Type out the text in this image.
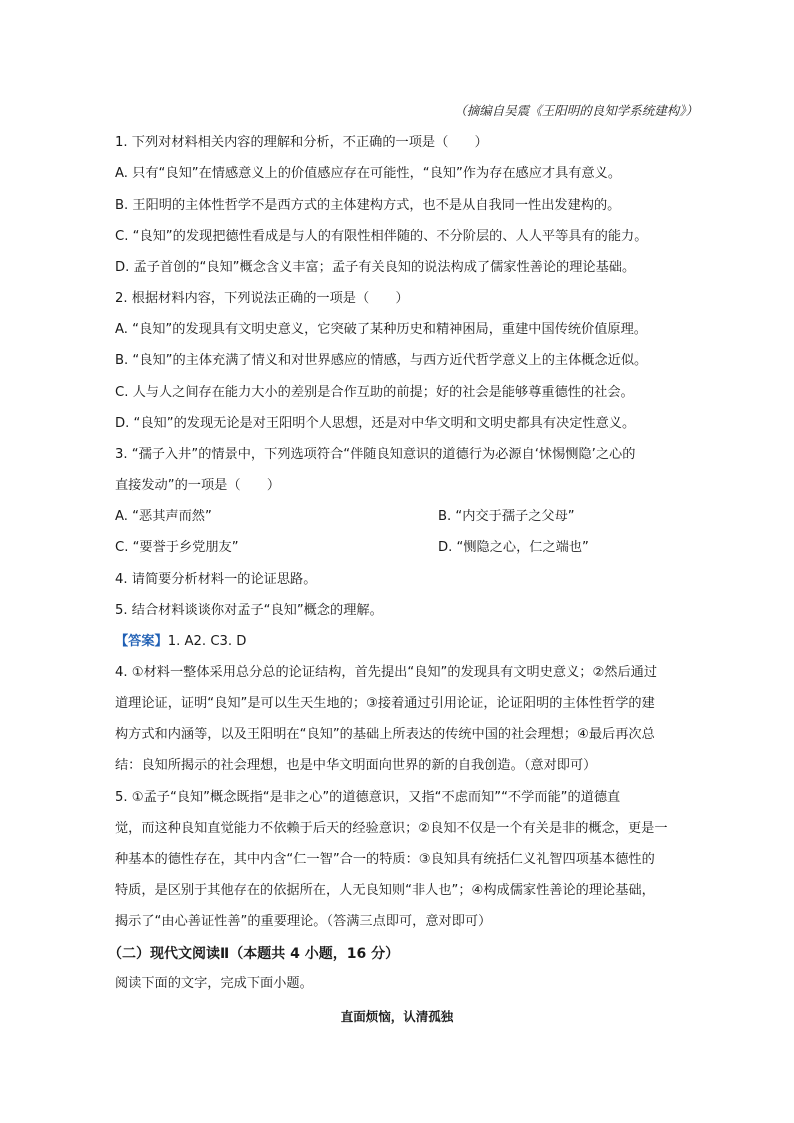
（摘编自吴震《王阳明的良知学系统建构》）
1. 下列对材料相关内容的理解和分析，不正确的一项是（　　）
A. 只有“良知”在情感意义上的价值感应存在可能性，“良知”作为存在感应才具有意义。
B. 王阳明的主体性哲学不是西方式的主体建构方式，也不是从自我同一性出发建构的。
C. “良知”的发现把德性看成是与人的有限性相伴随的、不分阶层的、人人平等具有的能力。
D. 孟子首创的“良知”概念含义丰富；孟子有关良知的说法构成了儒家性善论的理论基础。
2. 根据材料内容，下列说法正确的一项是（　　）
A. “良知”的发现具有文明史意义，它突破了某种历史和精神困局，重建中国传统价值原理。
B. “良知”的主体充满了情义和对世界感应的情感，与西方近代哲学意义上的主体概念近似。
C. 人与人之间存在能力大小的差别是合作互助的前提；好的社会是能够尊重德性的社会。
D. “良知”的发现无论是对王阳明个人思想，还是对中华文明和文明史都具有决定性意义。
3. “孺子入井”的情景中，下列选项符合“伴随良知意识的道德行为必源自‘怵惕恻隐’之心的
直接发动”的一项是（　　）
A. “恶其声而然”	B. “内交于孺子之父母”
C. “要誉于乡党朋友”	D. “恻隐之心，仁之端也”
4. 请简要分析材料一的论证思路。
5. 结合材料谈谈你对孟子“良知”概念的理解。
【答案】1. A2. C3. D
4. ①材料一整体采用总分总的论证结构，首先提出“良知”的发现具有文明史意义；②然后通过
道理论证，证明“良知”是可以生天生地的；③接着通过引用论证，论证阳明的主体性哲学的建
构方式和内涵等，以及王阳明在“良知”的基础上所表达的传统中国的社会理想；④最后再次总
结：良知所揭示的社会理想，也是中华文明面向世界的新的自我创造。（意对即可）
5. ①孟子“良知”概念既指“是非之心”的道德意识，又指“不虑而知”“不学而能”的道德直
觉，而这种良知直觉能力不依赖于后天的经验意识；②良知不仅是一个有关是非的概念，更是一
种基本的德性存在，其中内含“仁一智”合一的特质：③良知具有统括仁义礼智四项基本德性的
特质，是区别于其他存在的依据所在，人无良知则“非人也”；④构成儒家性善论的理论基础，
揭示了“由心善证性善”的重要理论。（答满三点即可，意对即可）
（二）现代文阅读Ⅱ（本题共 4 小题，16 分）
阅读下面的文字，完成下面小题。
直面烦恼，认清孤独
